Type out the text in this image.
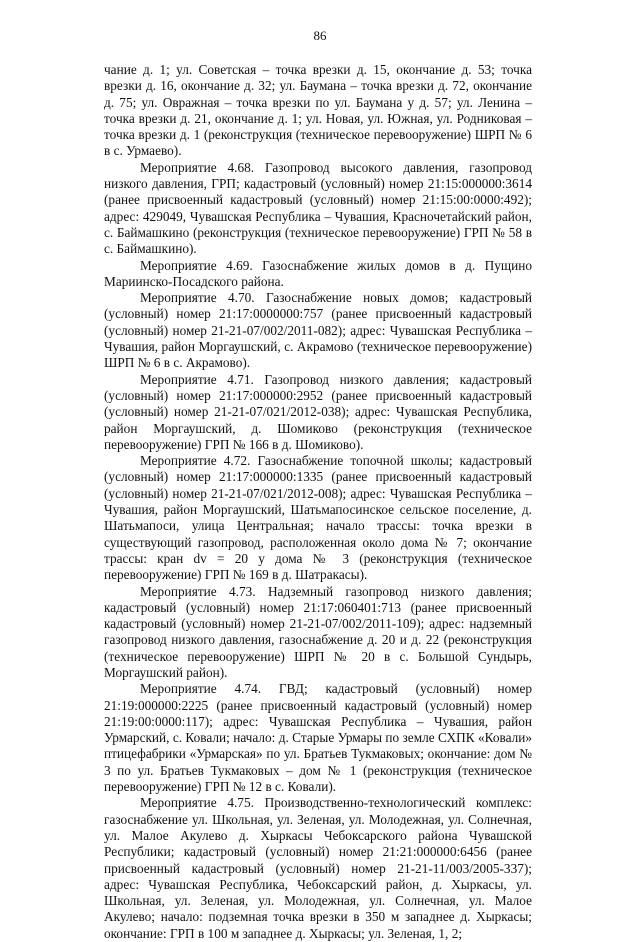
86

чание д. 1; ул. Советская – точка врезки д. 15, окончание д. 53; точка врезки д. 16, окончание д. 32; ул. Баумана – точка врезки д. 72, окончание д. 75; ул. Овражная – точка врезки по ул. Баумана у д. 57; ул. Ленина – точка врезки д. 21, окончание д. 1; ул. Новая, ул. Южная, ул. Родниковая – точка врезки д. 1 (реконструкция (техническое перевооружение) ШРП № 6 в с. Урмаево).

Мероприятие 4.68. Газопровод высокого давления, газопровод низкого давления, ГРП; кадастровый (условный) номер 21:15:000000:3614 (ранее присвоенный кадастровый (условный) номер 21:15:00:0000:492); адрес: 429049, Чувашская Республика – Чувашия, Красночетайский район, с. Баймашкино (реконструкция (техническое перевооружение) ГРП № 58 в с. Баймашкино).

Мероприятие 4.69. Газоснабжение жилых домов в д. Пущино Мариинско-Посадского района.

Мероприятие 4.70. Газоснабжение новых домов; кадастровый (условный) номер 21:17:0000000:757 (ранее присвоенный кадастровый (условный) номер 21-21-07/002/2011-082); адрес: Чувашская Республика – Чувашия, район Моргаушский, с. Акрамово (техническое перевооружение) ШРП № 6 в с. Акрамово).

Мероприятие 4.71. Газопровод низкого давления; кадастровый (условный) номер 21:17:000000:2952 (ранее присвоенный кадастровый (условный) номер 21-21-07/021/2012-038); адрес: Чувашская Республика, район Моргаушский, д. Шомиково (реконструкция (техническое перевооружение) ГРП № 166 в д. Шомиково).

Мероприятие 4.72. Газоснабжение топочной школы; кадастровый (условный) номер 21:17:000000:1335 (ранее присвоенный кадастровый (условный) номер 21-21-07/021/2012-008); адрес: Чувашская Республика – Чувашия, район Моргаушский, Шатьмапосинское сельское поселение, д. Шатьмапоси, улица Центральная; начало трассы: точка врезки в существующий газопровод, расположенная около дома № 7; окончание трассы: кран dv = 20 у дома № 3 (реконструкция (техническое перевооружение) ГРП № 169 в д. Шатракасы).

Мероприятие 4.73. Надземный газопровод низкого давления; кадастровый (условный) номер 21:17:060401:713 (ранее присвоенный кадастровый (условный) номер 21-21-07/002/2011-109); адрес: надземный газопровод низкого давления, газоснабжение д. 20 и д. 22 (реконструкция (техническое перевооружение) ШРП № 20 в с. Большой Сундырь, Моргаушский район).

Мероприятие 4.74. ГВД; кадастровый (условный) номер 21:19:000000:2225 (ранее присвоенный кадастровый (условный) номер 21:19:00:0000:117); адрес: Чувашская Республика – Чувашия, район Урмарский, с. Ковали; начало: д. Старые Урмары по земле СХПК «Ковали» птицефабрики «Урмарская» по ул. Братьев Тукмаковых; окончание: дом № 3 по ул. Братьев Тукмаковых – дом № 1 (реконструкция (техническое перевооружение) ГРП № 12 в с. Ковали).

Мероприятие 4.75. Производственно-технологический комплекс: газоснабжение ул. Школьная, ул. Зеленая, ул. Молодежная, ул. Солнечная, ул. Малое Акулево д. Хыркасы Чебоксарского района Чувашской Республики; кадастровый (условный) номер 21:21:000000:6456 (ранее присвоенный кадастровый (условный) номер 21-21-11/003/2005-337); адрес: Чувашская Республика, Чебоксарский район, д. Хыркасы, ул. Школьная, ул. Зеленая, ул. Молодежная, ул. Солнечная, ул. Малое Акулево; начало: подземная точка врезки в 350 м западнее д. Хыркасы; окончание: ГРП в 100 м западнее д. Хыркасы; ул. Зеленая, 1, 2;
